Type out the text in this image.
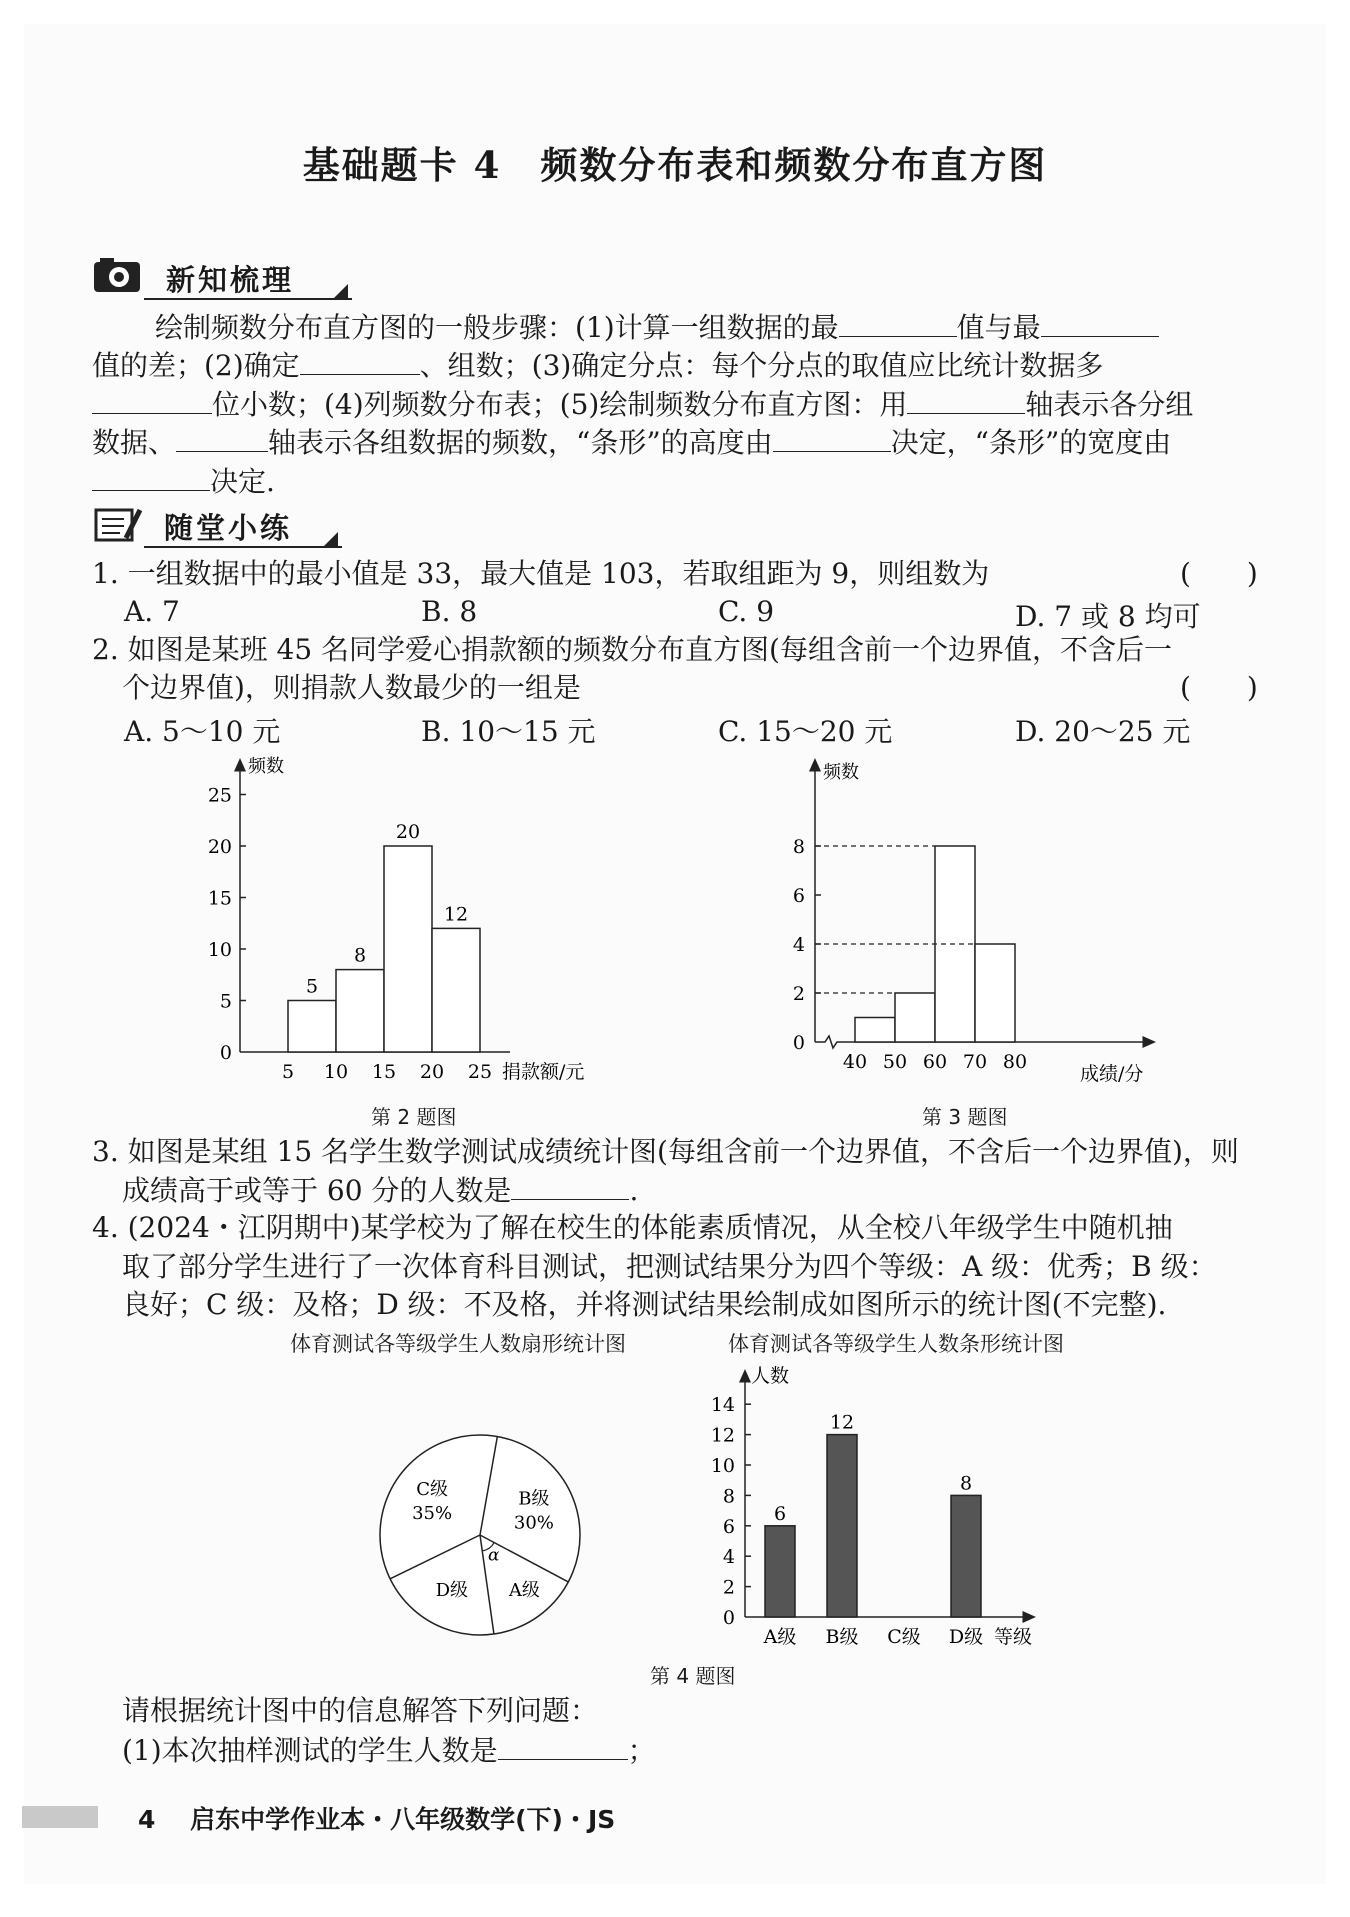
基础题卡 4　频数分布表和频数分布直方图
新知梳理
绘制频数分布直方图的一般步骤：(1)计算一组数据的最	值与最
值的差；(2)确定	、组数；(3)确定分点：每个分点的取值应比统计数据多
位小数；(4)列频数分布表；(5)绘制频数分布直方图：用	轴表示各分组
数据、	轴表示各组数据的频数，“条形”的高度由	决定，“条形”的宽度由
决定.
随堂小练
1. 一组数据中的最小值是 33，最大值是 103，若取组距为 9，则组数为	(　　)
A. 7	B. 8	C. 9	D. 7 或 8 均可
2. 如图是某班 45 名同学爱心捐款额的频数分布直方图(每组含前一个边界值，不含后一
个边界值)，则捐款人数最少的一组是	(　　)
A. 5～10 元	B. 10～15 元	C. 15～20 元	D. 20～25 元
频数
0
5
10
15
20
25
5 10 15 20 25 捐款额/元
5
8
20
12
第 2 题图
频数
0
2
4
6
8
40 50 60 70 80
成绩/分
第 3 题图
3. 如图是某组 15 名学生数学测试成绩统计图(每组含前一个边界值，不含后一个边界值)，则
成绩高于或等于 60 分的人数是	.
4. (2024・江阴期中)某学校为了解在校生的体能素质情况，从全校八年级学生中随机抽
取了部分学生进行了一次体育科目测试，把测试结果分为四个等级：A 级：优秀；B 级：
良好；C 级：及格；D 级：不及格，并将测试结果绘制成如图所示的统计图(不完整).
体育测试各等级学生人数扇形统计图	体育测试各等级学生人数条形统计图
B级
30%
A级
α
D级
C级
35%
人数
0
2
4
6
8
10
12
14
A级
6
B级
12
C级 D级
8
等级
第 4 题图
请根据统计图中的信息解答下列问题：
(1)本次抽样测试的学生人数是	；
4 启东中学作业本・八年级数学(下)・JS
